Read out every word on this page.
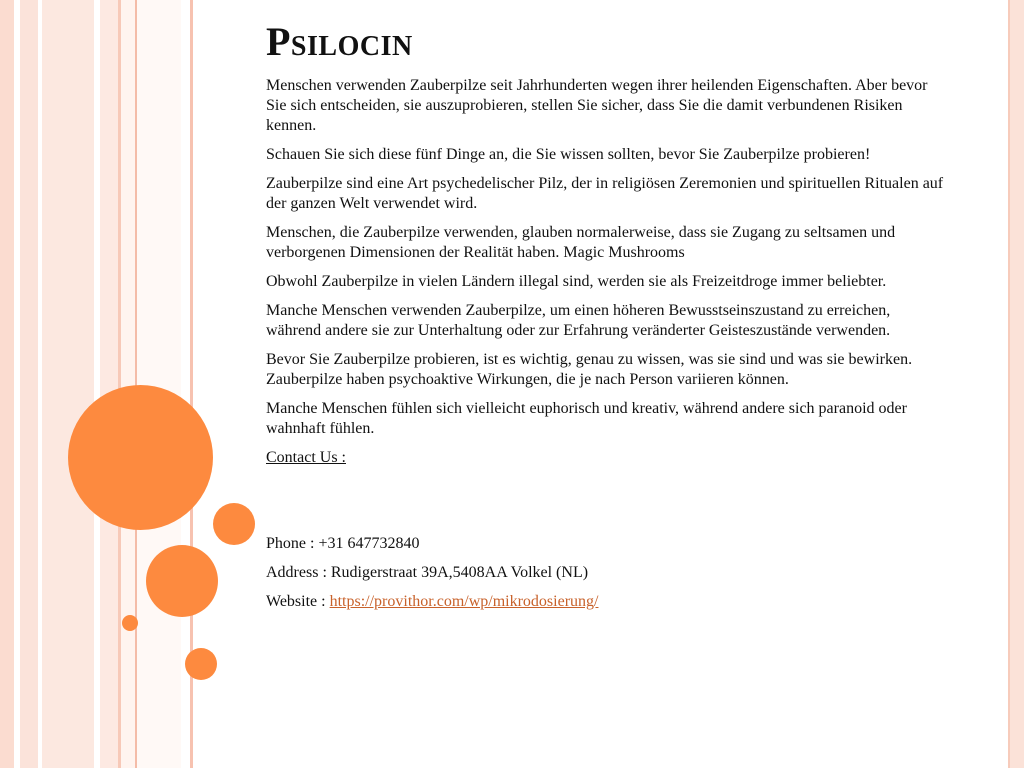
Psilocin

Menschen verwenden Zauberpilze seit Jahrhunderten wegen ihrer heilenden Eigenschaften. Aber bevor Sie sich entscheiden, sie auszuprobieren, stellen Sie sicher, dass Sie die damit verbundenen Risiken kennen.

Schauen Sie sich diese fünf Dinge an, die Sie wissen sollten, bevor Sie Zauberpilze probieren!

Zauberpilze sind eine Art psychedelischer Pilz, der in religiösen Zeremonien und spirituellen Ritualen auf der ganzen Welt verwendet wird.

Menschen, die Zauberpilze verwenden, glauben normalerweise, dass sie Zugang zu seltsamen und verborgenen Dimensionen der Realität haben. Magic Mushrooms

Obwohl Zauberpilze in vielen Ländern illegal sind, werden sie als Freizeitdroge immer beliebter.

Manche Menschen verwenden Zauberpilze, um einen höheren Bewusstseinszustand zu erreichen, während andere sie zur Unterhaltung oder zur Erfahrung veränderter Geisteszustände verwenden.

Bevor Sie Zauberpilze probieren, ist es wichtig, genau zu wissen, was sie sind und was sie bewirken. Zauberpilze haben psychoaktive Wirkungen, die je nach Person variieren können.

Manche Menschen fühlen sich vielleicht euphorisch und kreativ, während andere sich paranoid oder wahnhaft fühlen.

Contact Us :

Phone : +31 647732840

Address : Rudigerstraat 39A,5408AA Volkel (NL)

Website : https://provithor.com/wp/mikrodosierung/
